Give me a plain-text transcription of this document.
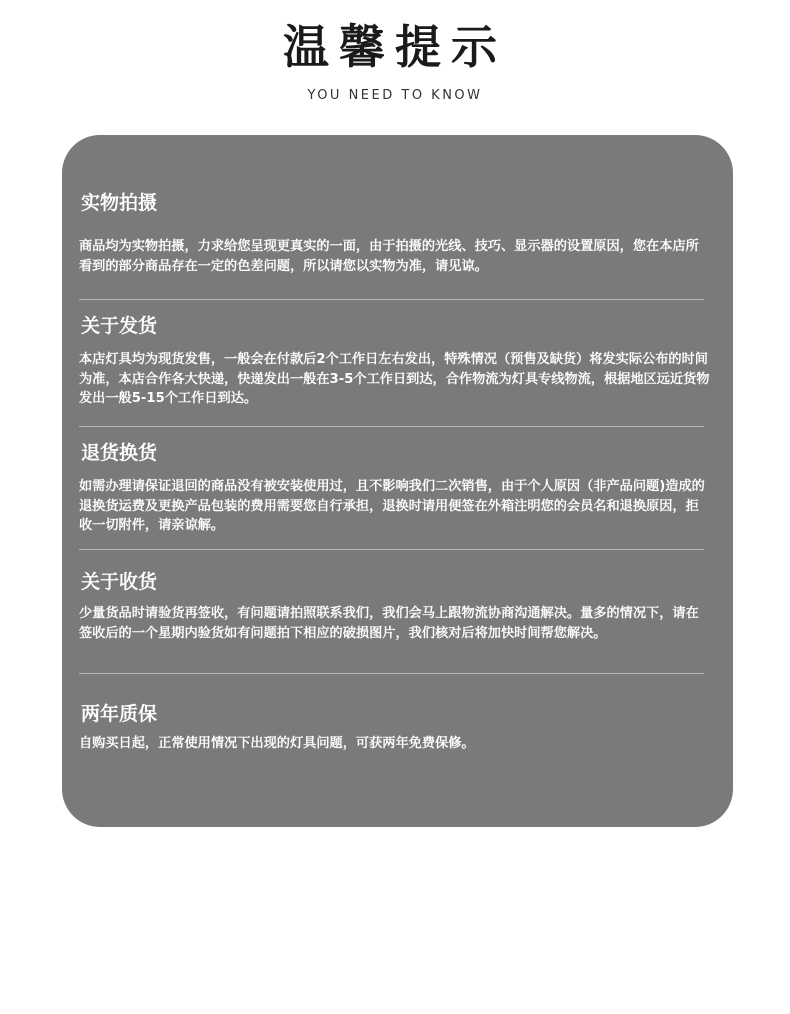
温馨提示
YOU NEED TO KNOW
实物拍摄
商品均为实物拍摄，力求给您呈现更真实的一面，由于拍摄的光线、技巧、显示器的设置原因，您在本店所看到的部分商品存在一定的色差问题，所以请您以实物为准，请见谅。
关于发货
本店灯具均为现货发售，一般会在付款后2个工作日左右发出，特殊情况（预售及缺货）将发实际公布的时间为准，本店合作各大快递，快递发出一般在3-5个工作日到达，合作物流为灯具专线物流，根据地区远近货物发出一般5-15个工作日到达。
退货换货
如需办理请保证退回的商品没有被安装使用过，且不影响我们二次销售，由于个人原因（非产品问题)造成的退换货运费及更换产品包装的费用需要您自行承担，退换时请用便签在外箱注明您的会员名和退换原因，拒收一切附件，请亲谅解。
关于收货
少量货品时请验货再签收，有问题请拍照联系我们，我们会马上跟物流协商沟通解决。量多的情况下，请在签收后的一个星期内验货如有问题拍下相应的破损图片，我们核对后将加快时间帮您解决。
两年质保
自购买日起，正常使用情况下出现的灯具问题，可获两年免费保修。
